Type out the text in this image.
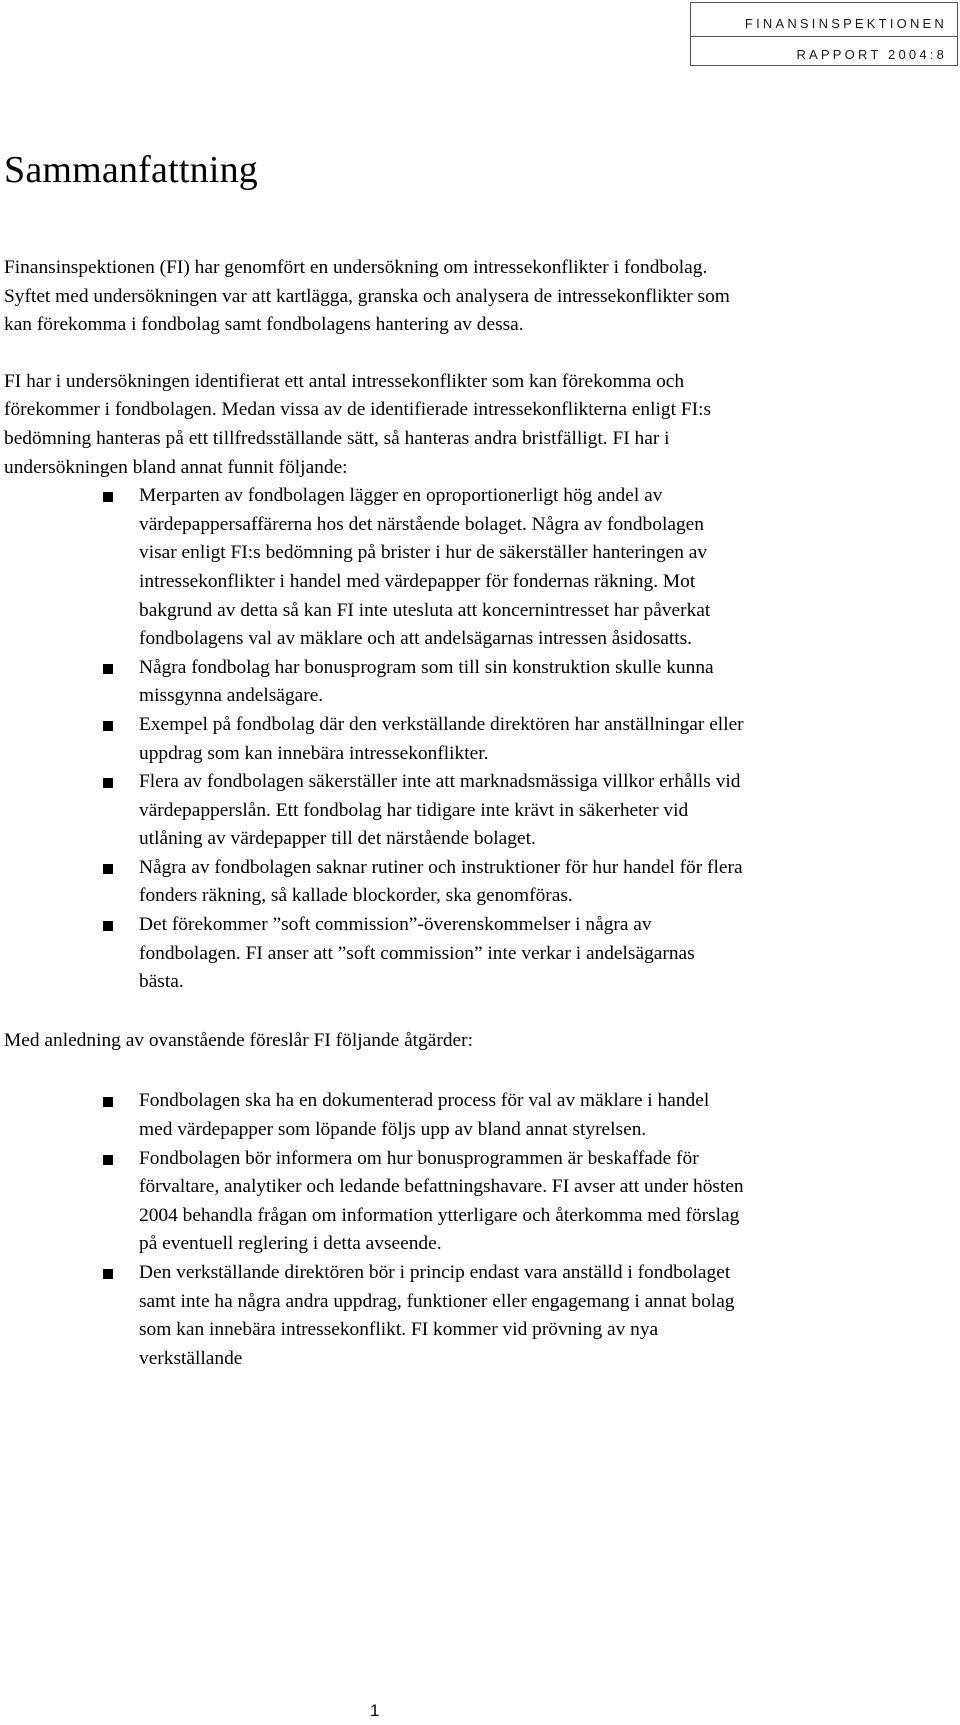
FINANSINSPEKTIONEN
RAPPORT 2004:8
Sammanfattning

Finansinspektionen (FI) har genomfört en undersökning om intressekonflikter i fondbolag. Syftet med undersökningen var att kartlägga, granska och analysera de intressekonflikter som kan förekomma i fondbolag samt fondbolagens hantering av dessa.

FI har i undersökningen identifierat ett antal intressekonflikter som kan förekomma och förekommer i fondbolagen. Medan vissa av de identifierade intressekonflikterna enligt FI:s bedömning hanteras på ett tillfredsställande sätt, så hanteras andra bristfälligt. FI har i undersökningen bland annat funnit följande:

Merparten av fondbolagen lägger en oproportionerligt hög andel av värdepappersaffärerna hos det närstående bolaget. Några av fondbolagen visar enligt FI:s bedömning på brister i hur de säkerställer hanteringen av intressekonflikter i handel med värdepapper för fondernas räkning. Mot bakgrund av detta så kan FI inte utesluta att koncernintresset har påverkat fondbolagens val av mäklare och att andelsägarnas intressen åsidosatts.
Några fondbolag har bonusprogram som till sin konstruktion skulle kunna missgynna andelsägare.
Exempel på fondbolag där den verkställande direktören har anställningar eller uppdrag som kan innebära intressekonflikter.
Flera av fondbolagen säkerställer inte att marknadsmässiga villkor erhålls vid värdepapperslån. Ett fondbolag har tidigare inte krävt in säkerheter vid utlåning av värdepapper till det närstående bolaget.
Några av fondbolagen saknar rutiner och instruktioner för hur handel för flera fonders räkning, så kallade blockorder, ska genomföras.
Det förekommer ”soft commission”-överenskommelser i några av fondbolagen. FI anser att ”soft commission” inte verkar i andelsägarnas bästa.

Med anledning av ovanstående föreslår FI följande åtgärder:

Fondbolagen ska ha en dokumenterad process för val av mäklare i handel med värdepapper som löpande följs upp av bland annat styrelsen.
Fondbolagen bör informera om hur bonusprogrammen är beskaffade för förvaltare, analytiker och ledande befattningshavare. FI avser att under hösten 2004 behandla frågan om information ytterligare och återkomma med förslag på eventuell reglering i detta avseende.
Den verkställande direktören bör i princip endast vara anställd i fondbolaget samt inte ha några andra uppdrag, funktioner eller engagemang i annat bolag som kan innebära intressekonflikt. FI kommer vid prövning av nya verkställande
1
